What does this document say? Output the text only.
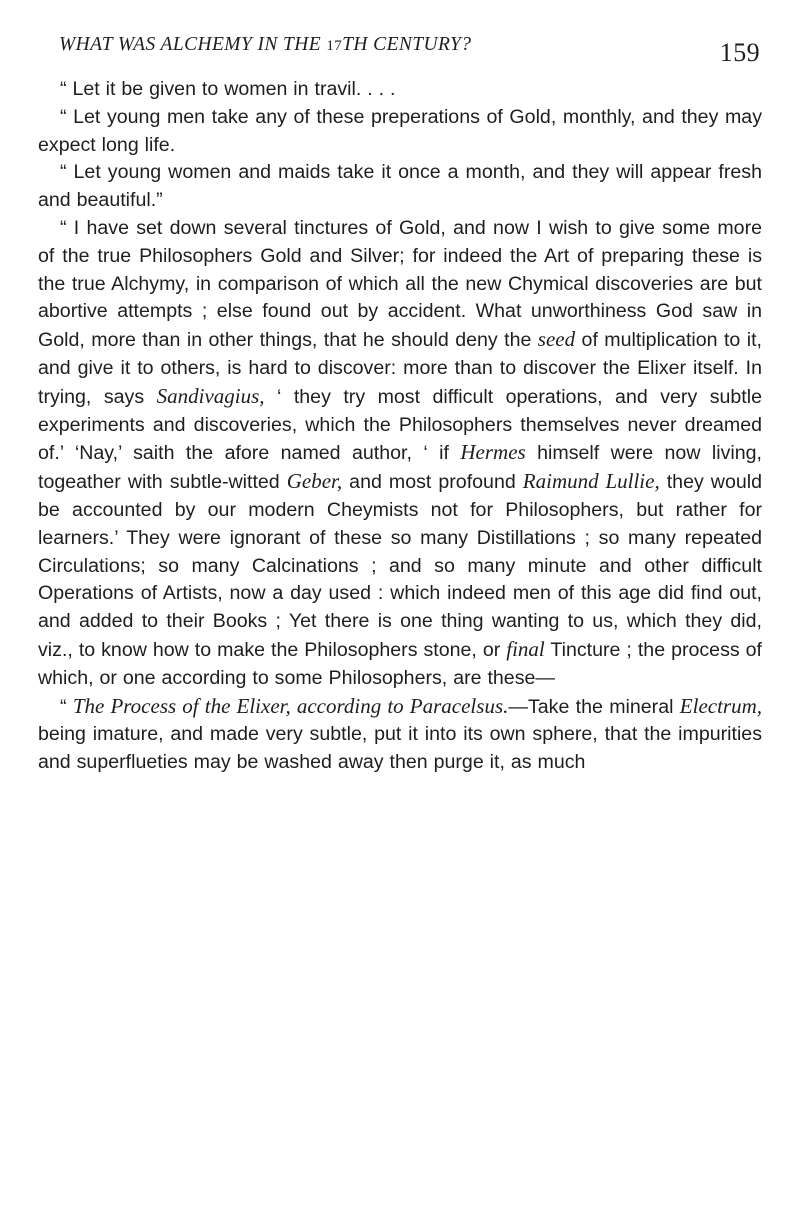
WHAT WAS ALCHEMY IN THE 17TH CENTURY?	159

“ Let it be given to women in travil. . . .

“ Let young men take any of these preperations of Gold, monthly, and they may expect long life.

“ Let young women and maids take it once a month, and they will appear fresh and beautiful.”

“ I have set down several tinctures of Gold, and now I wish to give some more of the true Philosophers Gold and Silver; for indeed the Art of preparing these is the true Alchymy, in comparison of which all the new Chymical discoveries are but abortive attempts ; else found out by accident. What unworthiness God saw in Gold, more than in other things, that he should deny the seed of multiplication to it, and give it to others, is hard to discover: more than to discover the Elixer itself. In trying, says Sandivagius, ‘ they try most difficult operations, and very subtle experiments and discoveries, which the Philosophers themselves never dreamed of.’ ‘Nay,’ saith the afore named author, ‘ if Hermes himself were now living, togeather with subtle-witted Geber, and most profound Raimund Lullie, they would be accounted by our modern Cheymists not for Philosophers, but rather for learners.’ They were ignorant of these so many Distillations ; so many repeated Circulations; so many Calcinations ; and so many minute and other difficult Operations of Artists, now a day used : which indeed men of this age did find out, and added to their Books ; Yet there is one thing wanting to us, which they did, viz., to know how to make the Philosophers stone, or final Tincture ; the process of which, or one according to some Philosophers, are these—

“ The Process of the Elixer, according to Paracelsus.—Take the mineral Electrum, being imature, and made very subtle, put it into its own sphere, that the impurities and superflueties may be washed away then purge it, as much
